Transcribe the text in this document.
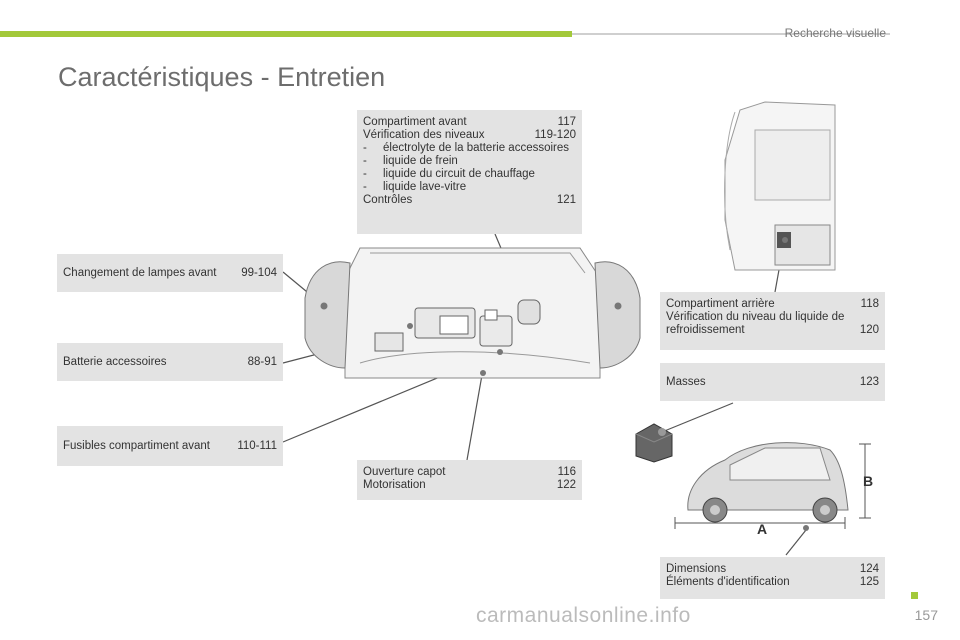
Recherche visuelle
Caractéristiques - Entretien
A
B
Compartiment avant	117
Vérification des niveaux	119-120
-	électrolyte de la batterie accessoires
-	liquide de frein
-	liquide du circuit de chauffage
-	liquide lave-vitre
Contrôles	121
Changement de lampes avant	99-104
Batterie accessoires	88-91
Fusibles compartiment avant	110-111
Ouverture capot	116
Motorisation	122
Compartiment arrière	118
Vérification du niveau du liquide de refroidissement	120
Masses	123
Dimensions	124
Éléments d'identification	125
157
carmanualsonline.info
